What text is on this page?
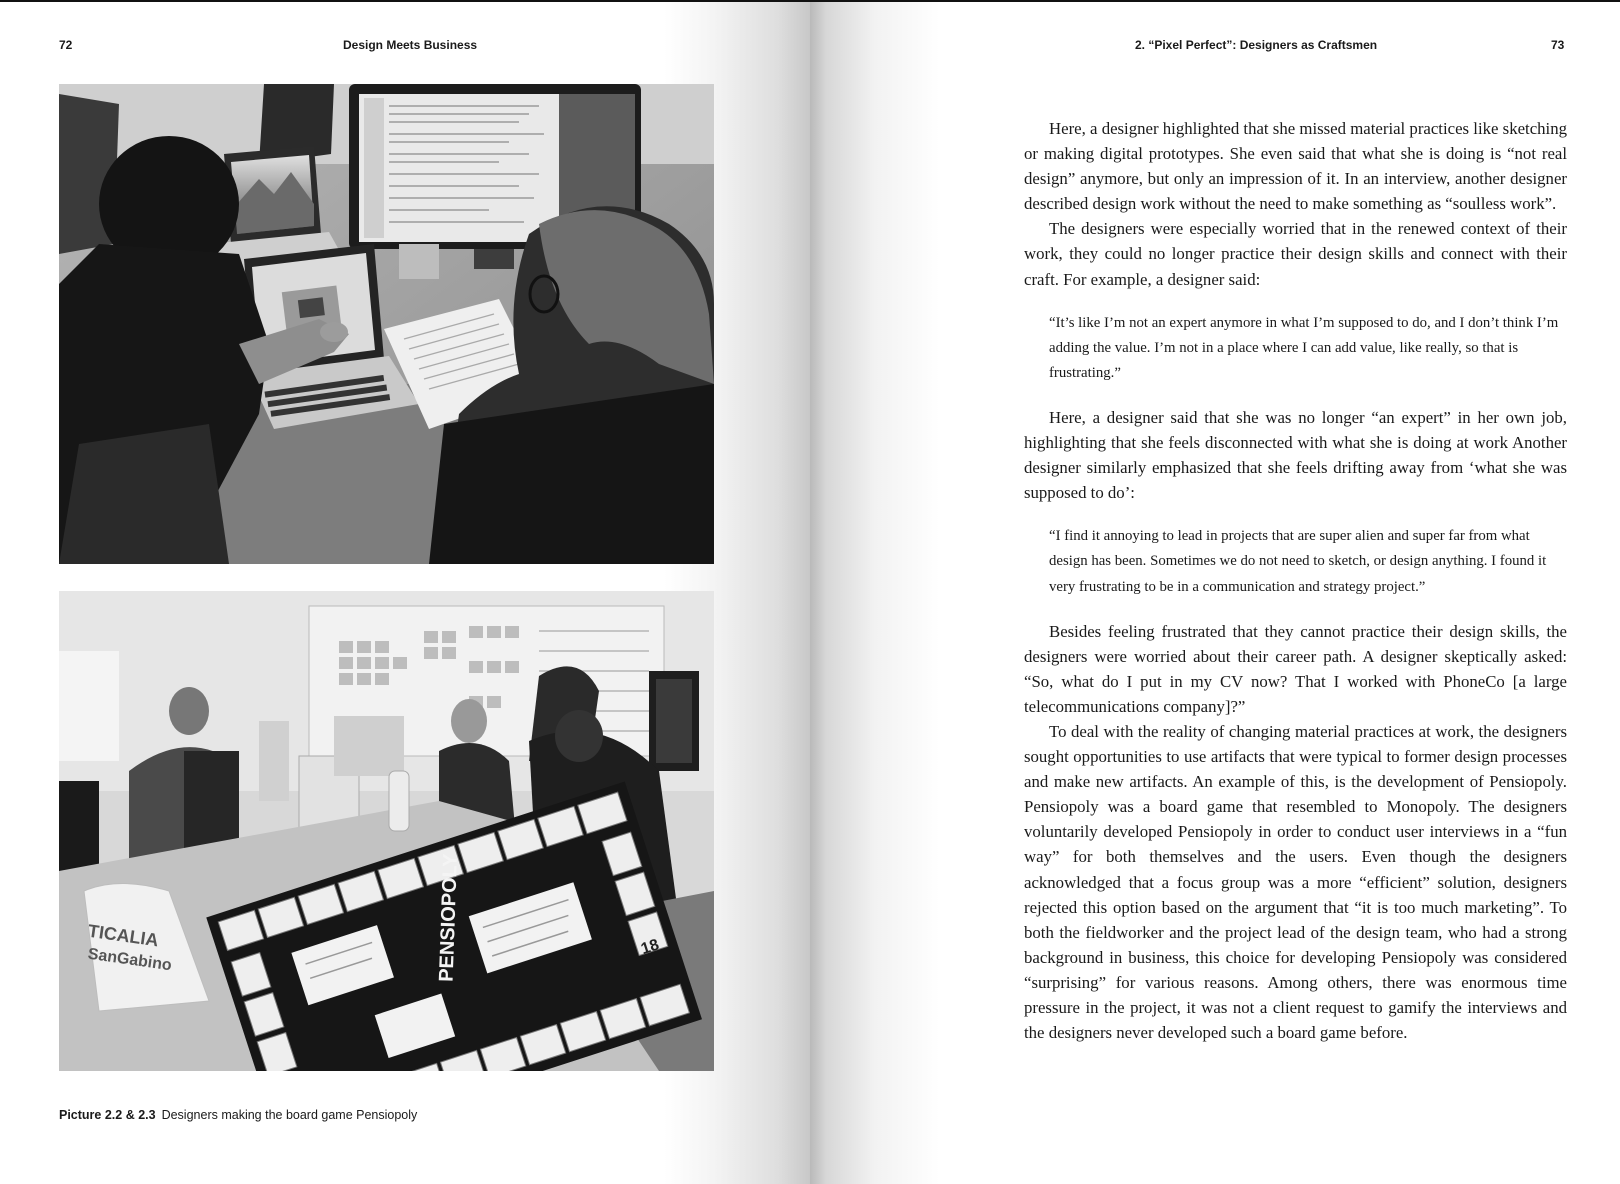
72	Design Meets Business
TICALIA
SanGabino	PENSIOPOLY	18
Picture 2.2 & 2.3 Designers making the board game Pensiopoly
2. “Pixel Perfect”: Designers as Craftsmen	73

Here, a designer highlighted that she missed material practices like sketching or making digital prototypes. She even said that what she is doing is “not real design” anymore, but only an impression of it. In an interview, another designer described design work without the need to make something as “soulless work”.

The designers were especially worried that in the renewed context of their work, they could no longer practice their design skills and connect with their craft. For example, a designer said:

“It’s like I’m not an expert anymore in what I’m supposed to do, and I don’t think I’m adding the value. I’m not in a place where I can add value, like really, so that is frustrating.”

Here, a designer said that she was no longer “an expert” in her own job, highlighting that she feels disconnected with what she is doing at work Another designer similarly emphasized that she feels drifting away from ‘what she was supposed to do’:

“I find it annoying to lead in projects that are super alien and super far from what design has been. Sometimes we do not need to sketch, or design anything. I found it very frustrating to be in a communication and strategy project.”

Besides feeling frustrated that they cannot practice their design skills, the designers were worried about their career path. A designer skeptically asked: “So, what do I put in my CV now? That I worked with PhoneCo [a large telecommunications company]?”

To deal with the reality of changing material practices at work, the designers sought opportunities to use artifacts that were typical to former design processes and make new artifacts. An example of this, is the development of Pensiopoly. Pensiopoly was a board game that resembled to Monopoly. The designers voluntarily developed Pensiopoly in order to conduct user interviews in a “fun way” for both themselves and the users. Even though the designers acknowledged that a focus group was a more “efficient” solution, designers rejected this option based on the argument that “it is too much marketing”. To both the fieldworker and the project lead of the design team, who had a strong background in business, this choice for developing Pensiopoly was considered “surprising” for various reasons. Among others, there was enormous time pressure in the project, it was not a client request to gamify the interviews and the designers never developed such a board game before.
